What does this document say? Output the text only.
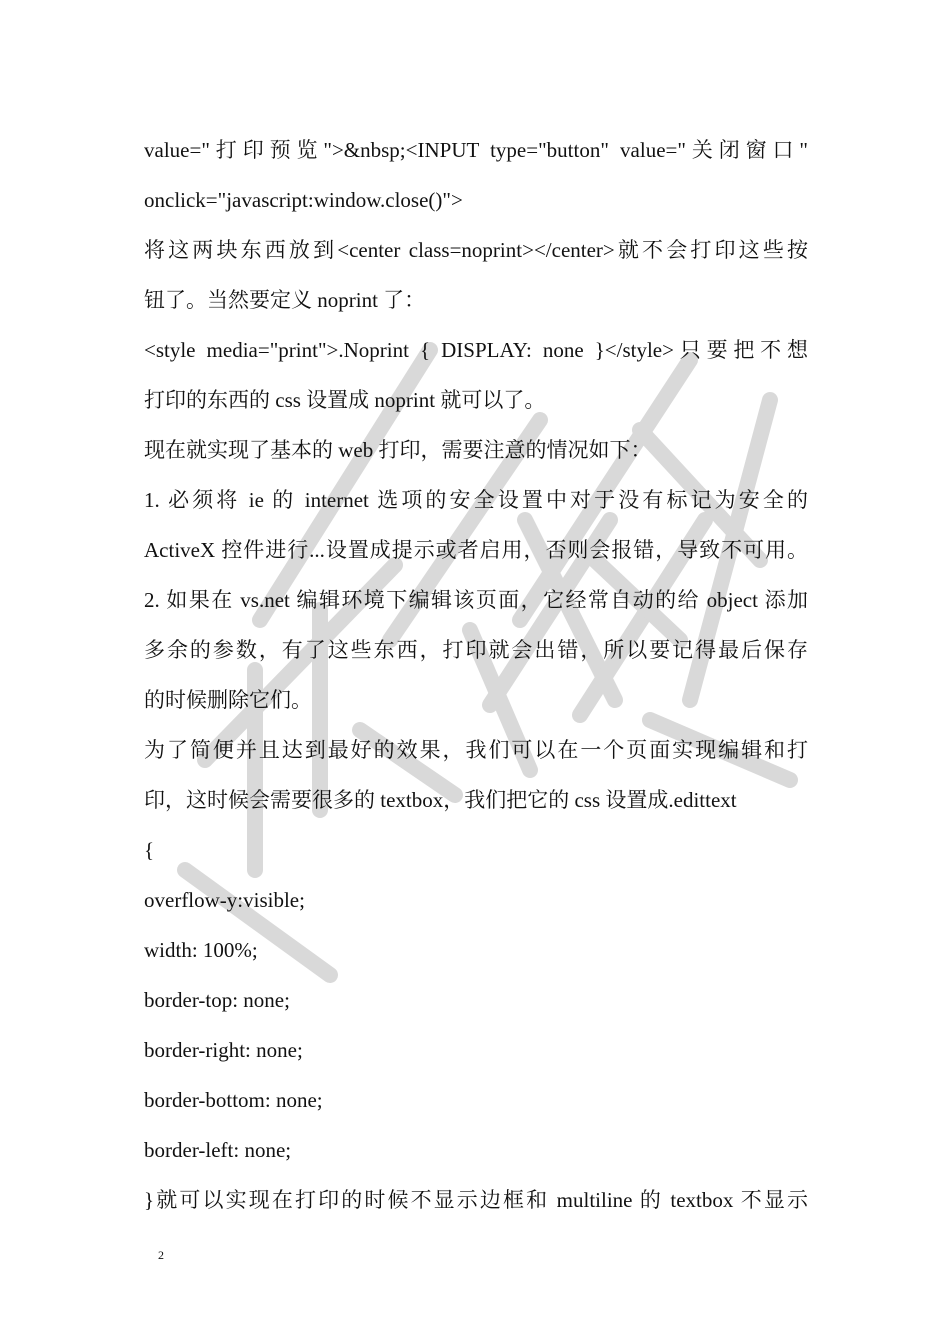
value="打印预览">&nbsp;<INPUT type="button" value="关闭窗口"
onclick="javascript:window.close()">
将这两块东西放到<center class=noprint></center>就不会打印这些按
钮了。当然要定义 noprint 了：
<style media="print">.Noprint { DISPLAY: none }</style>只要把不想
打印的东西的 css 设置成 noprint 就可以了。
现在就实现了基本的 web 打印，需要注意的情况如下：
1. 必须将 ie 的 internet 选项的安全设置中对于没有标记为安全的
ActiveX 控件进行...设置成提示或者启用，否则会报错，导致不可用。
2. 如果在 vs.net 编辑环境下编辑该页面，它经常自动的给 object 添加
多余的参数，有了这些东西，打印就会出错，所以要记得最后保存
的时候删除它们。
为了简便并且达到最好的效果，我们可以在一个页面实现编辑和打
印，这时候会需要很多的 textbox，我们把它的 css 设置成.edittext
{
overflow-y:visible;
width: 100%;
border-top: none;
border-right: none;
border-bottom: none;
border-left: none;
}就可以实现在打印的时候不显示边框和 multiline 的 textbox 不显示
2
